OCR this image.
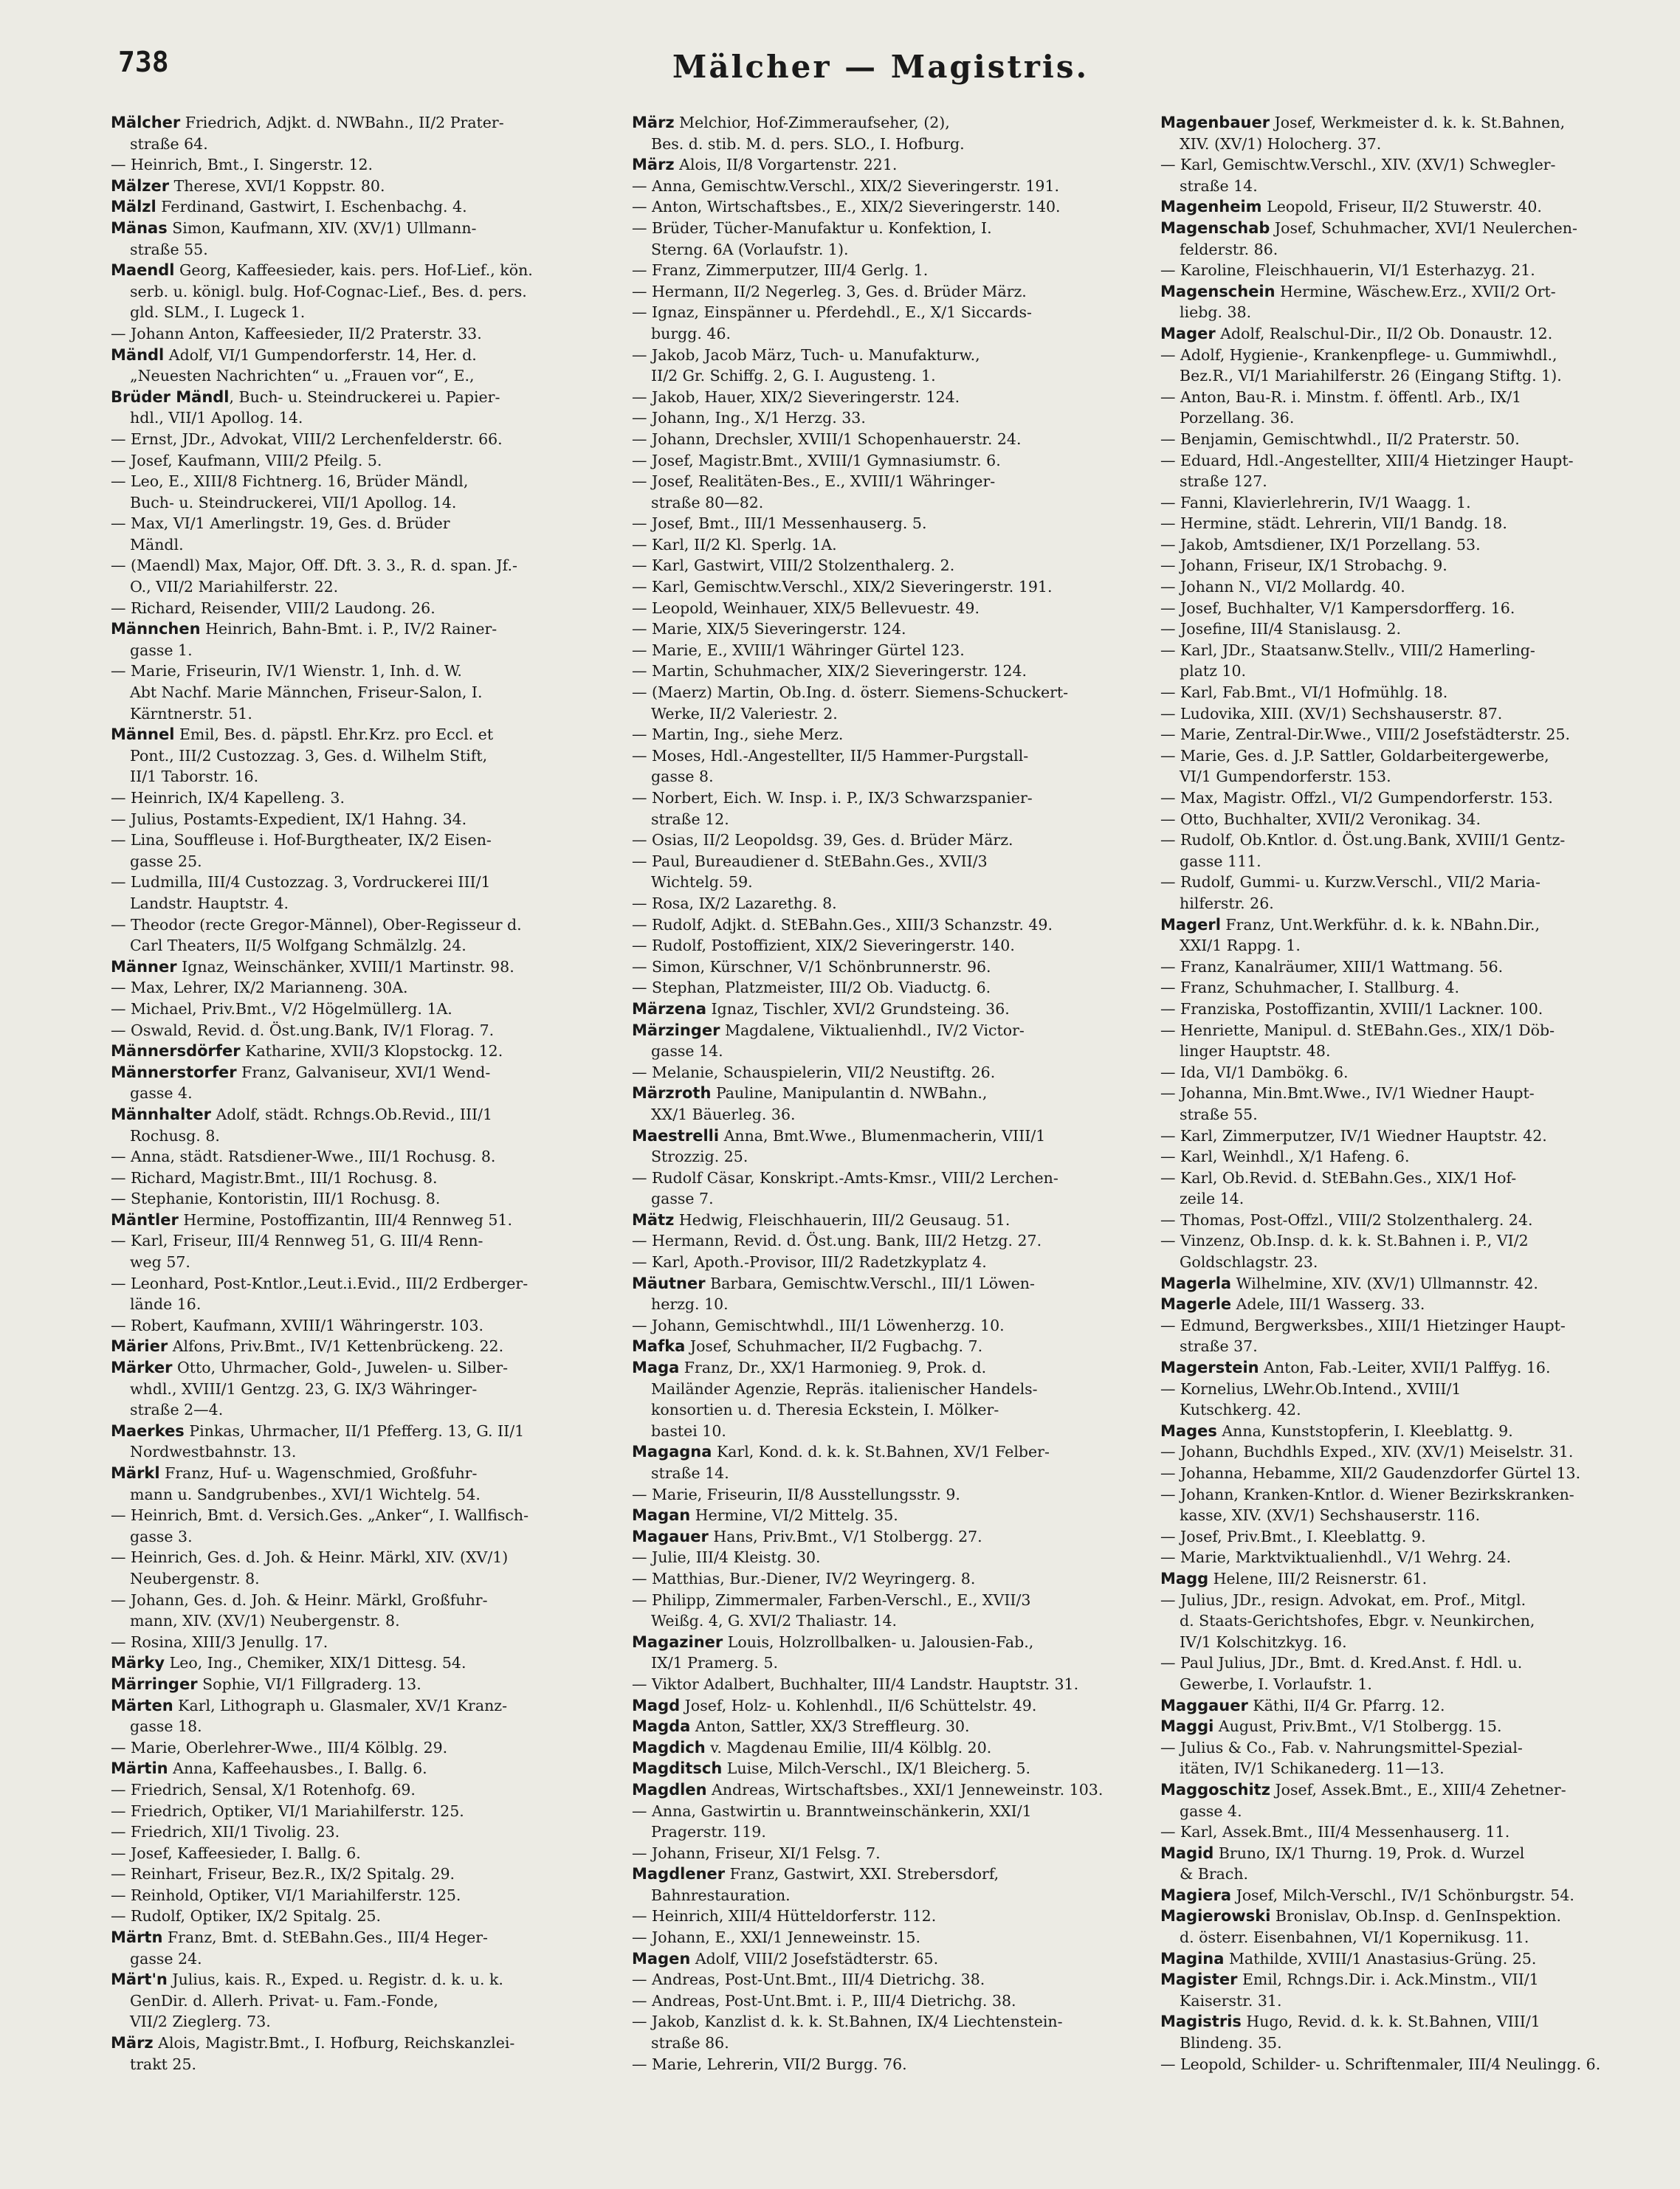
738	Mälcher — Magistris.
Mälcher Friedrich, Adjkt. d. NWBahn., II/2 Prater-
straße 64.
— Heinrich, Bmt., I. Singerstr. 12.
Mälzer Therese, XVI/1 Koppstr. 80.
Mälzl Ferdinand, Gastwirt, I. Eschenbachg. 4.
Mänas Simon, Kaufmann, XIV. (XV/1) Ullmann-
straße 55.
Maendl Georg, Kaffeesieder, kais. pers. Hof-Lief., kön.
serb. u. königl. bulg. Hof-Cognac-Lief., Bes. d. pers.
gld. SLM., I. Lugeck 1.
— Johann Anton, Kaffeesieder, II/2 Praterstr. 33.
Mändl Adolf, VI/1 Gumpendorferstr. 14, Her. d.
„Neuesten Nachrichten“ u. „Frauen vor“, E.,
Brüder Mändl, Buch- u. Steindruckerei u. Papier-
hdl., VII/1 Apollog. 14.
— Ernst, JDr., Advokat, VIII/2 Lerchenfelderstr. 66.
— Josef, Kaufmann, VIII/2 Pfeilg. 5.
— Leo, E., XIII/8 Fichtnerg. 16, Brüder Mändl,
Buch- u. Steindruckerei, VII/1 Apollog. 14.
— Max, VI/1 Amerlingstr. 19, Ges. d. Brüder
Mändl.
— (Maendl) Max, Major, Off. Dft. 3. 3., R. d. span. Jf.-
O., VII/2 Mariahilferstr. 22.
— Richard, Reisender, VIII/2 Laudong. 26.
Männchen Heinrich, Bahn-Bmt. i. P., IV/2 Rainer-
gasse 1.
— Marie, Friseurin, IV/1 Wienstr. 1, Inh. d. W.
Abt Nachf. Marie Männchen, Friseur-Salon, I.
Kärntnerstr. 51.
Männel Emil, Bes. d. päpstl. Ehr.Krz. pro Eccl. et
Pont., III/2 Custozzag. 3, Ges. d. Wilhelm Stift,
II/1 Taborstr. 16.
— Heinrich, IX/4 Kapelleng. 3.
— Julius, Postamts-Expedient, IX/1 Hahng. 34.
— Lina, Souffleuse i. Hof-Burgtheater, IX/2 Eisen-
gasse 25.
— Ludmilla, III/4 Custozzag. 3, Vordruckerei III/1
Landstr. Hauptstr. 4.
— Theodor (recte Gregor-Männel), Ober-Regisseur d.
Carl Theaters, II/5 Wolfgang Schmälzlg. 24.
Männer Ignaz, Weinschänker, XVIII/1 Martinstr. 98.
— Max, Lehrer, IX/2 Marianneng. 30A.
— Michael, Priv.Bmt., V/2 Högelmüllerg. 1A.
— Oswald, Revid. d. Öst.ung.Bank, IV/1 Florag. 7.
Männersdörfer Katharine, XVII/3 Klopstockg. 12.
Männerstorfer Franz, Galvaniseur, XVI/1 Wend-
gasse 4.
Männhalter Adolf, städt. Rchngs.Ob.Revid., III/1
Rochusg. 8.
— Anna, städt. Ratsdiener-Wwe., III/1 Rochusg. 8.
— Richard, Magistr.Bmt., III/1 Rochusg. 8.
— Stephanie, Kontoristin, III/1 Rochusg. 8.
Mäntler Hermine, Postoffizantin, III/4 Rennweg 51.
— Karl, Friseur, III/4 Rennweg 51, G. III/4 Renn-
weg 57.
— Leonhard, Post-Kntlor.,Leut.i.Evid., III/2 Erdberger-
lände 16.
— Robert, Kaufmann, XVIII/1 Währingerstr. 103.
Märier Alfons, Priv.Bmt., IV/1 Kettenbrückeng. 22.
Märker Otto, Uhrmacher, Gold-, Juwelen- u. Silber-
whdl., XVIII/1 Gentzg. 23, G. IX/3 Währinger-
straße 2—4.
Maerkes Pinkas, Uhrmacher, II/1 Pfefferg. 13, G. II/1
Nordwestbahnstr. 13.
Märkl Franz, Huf- u. Wagenschmied, Großfuhr-
mann u. Sandgrubenbes., XVI/1 Wichtelg. 54.
— Heinrich, Bmt. d. Versich.Ges. „Anker“, I. Wallfisch-
gasse 3.
— Heinrich, Ges. d. Joh. & Heinr. Märkl, XIV. (XV/1)
Neubergenstr. 8.
— Johann, Ges. d. Joh. & Heinr. Märkl, Großfuhr-
mann, XIV. (XV/1) Neubergenstr. 8.
— Rosina, XIII/3 Jenullg. 17.
Märky Leo, Ing., Chemiker, XIX/1 Dittesg. 54.
Märringer Sophie, VI/1 Fillgraderg. 13.
Märten Karl, Lithograph u. Glasmaler, XV/1 Kranz-
gasse 18.
— Marie, Oberlehrer-Wwe., III/4 Kölblg. 29.
Märtin Anna, Kaffeehausbes., I. Ballg. 6.
— Friedrich, Sensal, X/1 Rotenhofg. 69.
— Friedrich, Optiker, VI/1 Mariahilferstr. 125.
— Friedrich, XII/1 Tivolig. 23.
— Josef, Kaffeesieder, I. Ballg. 6.
— Reinhart, Friseur, Bez.R., IX/2 Spitalg. 29.
— Reinhold, Optiker, VI/1 Mariahilferstr. 125.
— Rudolf, Optiker, IX/2 Spitalg. 25.
Märtn Franz, Bmt. d. StEBahn.Ges., III/4 Heger-
gasse 24.
Märt'n Julius, kais. R., Exped. u. Registr. d. k. u. k.
GenDir. d. Allerh. Privat- u. Fam.-Fonde,
VII/2 Zieglerg. 73.
März Alois, Magistr.Bmt., I. Hofburg, Reichskanzlei-
trakt 25.
März Melchior, Hof-Zimmeraufseher, (2),
Bes. d. stib. M. d. pers. SLO., I. Hofburg.
März Alois, II/8 Vorgartenstr. 221.
— Anna, Gemischtw.Verschl., XIX/2 Sieveringerstr. 191.
— Anton, Wirtschaftsbes., E., XIX/2 Sieveringerstr. 140.
— Brüder, Tücher-Manufaktur u. Konfektion, I.
Sterng. 6A (Vorlaufstr. 1).
— Franz, Zimmerputzer, III/4 Gerlg. 1.
— Hermann, II/2 Negerleg. 3, Ges. d. Brüder März.
— Ignaz, Einspänner u. Pferdehdl., E., X/1 Siccards-
burgg. 46.
— Jakob, Jacob März, Tuch- u. Manufakturw.,
II/2 Gr. Schiffg. 2, G. I. Augusteng. 1.
— Jakob, Hauer, XIX/2 Sieveringerstr. 124.
— Johann, Ing., X/1 Herzg. 33.
— Johann, Drechsler, XVIII/1 Schopenhauerstr. 24.
— Josef, Magistr.Bmt., XVIII/1 Gymnasiumstr. 6.
— Josef, Realitäten-Bes., E., XVIII/1 Währinger-
straße 80—82.
— Josef, Bmt., III/1 Messenhauserg. 5.
— Karl, II/2 Kl. Sperlg. 1A.
— Karl, Gastwirt, VIII/2 Stolzenthalerg. 2.
— Karl, Gemischtw.Verschl., XIX/2 Sieveringerstr. 191.
— Leopold, Weinhauer, XIX/5 Bellevuestr. 49.
— Marie, XIX/5 Sieveringerstr. 124.
— Marie, E., XVIII/1 Währinger Gürtel 123.
— Martin, Schuhmacher, XIX/2 Sieveringerstr. 124.
— (Maerz) Martin, Ob.Ing. d. österr. Siemens-Schuckert-
Werke, II/2 Valeriestr. 2.
— Martin, Ing., siehe Merz.
— Moses, Hdl.-Angestellter, II/5 Hammer-Purgstall-
gasse 8.
— Norbert, Eich. W. Insp. i. P., IX/3 Schwarzspanier-
straße 12.
— Osias, II/2 Leopoldsg. 39, Ges. d. Brüder März.
— Paul, Bureaudiener d. StEBahn.Ges., XVII/3
Wichtelg. 59.
— Rosa, IX/2 Lazarethg. 8.
— Rudolf, Adjkt. d. StEBahn.Ges., XIII/3 Schanzstr. 49.
— Rudolf, Postoffizient, XIX/2 Sieveringerstr. 140.
— Simon, Kürschner, V/1 Schönbrunnerstr. 96.
— Stephan, Platzmeister, III/2 Ob. Viaductg. 6.
Märzena Ignaz, Tischler, XVI/2 Grundsteing. 36.
Märzinger Magdalene, Viktualienhdl., IV/2 Victor-
gasse 14.
— Melanie, Schauspielerin, VII/2 Neustiftg. 26.
Märzroth Pauline, Manipulantin d. NWBahn.,
XX/1 Bäuerleg. 36.
Maestrelli Anna, Bmt.Wwe., Blumenmacherin, VIII/1
Strozzig. 25.
— Rudolf Cäsar, Konskript.-Amts-Kmsr., VIII/2 Lerchen-
gasse 7.
Mätz Hedwig, Fleischhauerin, III/2 Geusaug. 51.
— Hermann, Revid. d. Öst.ung. Bank, III/2 Hetzg. 27.
— Karl, Apoth.-Provisor, III/2 Radetzkyplatz 4.
Mäutner Barbara, Gemischtw.Verschl., III/1 Löwen-
herzg. 10.
— Johann, Gemischtwhdl., III/1 Löwenherzg. 10.
Mafka Josef, Schuhmacher, II/2 Fugbachg. 7.
Maga Franz, Dr., XX/1 Harmonieg. 9, Prok. d.
Mailänder Agenzie, Repräs. italienischer Handels-
konsortien u. d. Theresia Eckstein, I. Mölker-
bastei 10.
Magagna Karl, Kond. d. k. k. St.Bahnen, XV/1 Felber-
straße 14.
— Marie, Friseurin, II/8 Ausstellungsstr. 9.
Magan Hermine, VI/2 Mittelg. 35.
Magauer Hans, Priv.Bmt., V/1 Stolbergg. 27.
— Julie, III/4 Kleistg. 30.
— Matthias, Bur.-Diener, IV/2 Weyringerg. 8.
— Philipp, Zimmermaler, Farben-Verschl., E., XVII/3
Weißg. 4, G. XVI/2 Thaliastr. 14.
Magaziner Louis, Holzrollbalken- u. Jalousien-Fab.,
IX/1 Pramerg. 5.
— Viktor Adalbert, Buchhalter, III/4 Landstr. Hauptstr. 31.
Magd Josef, Holz- u. Kohlenhdl., II/6 Schüttelstr. 49.
Magda Anton, Sattler, XX/3 Streffleurg. 30.
Magdich v. Magdenau Emilie, III/4 Kölblg. 20.
Magditsch Luise, Milch-Verschl., IX/1 Bleicherg. 5.
Magdlen Andreas, Wirtschaftsbes., XXI/1 Jenneweinstr. 103.
— Anna, Gastwirtin u. Branntweinschänkerin, XXI/1
Pragerstr. 119.
— Johann, Friseur, XI/1 Felsg. 7.
Magdlener Franz, Gastwirt, XXI. Strebersdorf,
Bahnrestauration.
— Heinrich, XIII/4 Hütteldorferstr. 112.
— Johann, E., XXI/1 Jenneweinstr. 15.
Magen Adolf, VIII/2 Josefstädterstr. 65.
— Andreas, Post-Unt.Bmt., III/4 Dietrichg. 38.
— Andreas, Post-Unt.Bmt. i. P., III/4 Dietrichg. 38.
— Jakob, Kanzlist d. k. k. St.Bahnen, IX/4 Liechtenstein-
straße 86.
— Marie, Lehrerin, VII/2 Burgg. 76.
Magenbauer Josef, Werkmeister d. k. k. St.Bahnen,
XIV. (XV/1) Holocherg. 37.
— Karl, Gemischtw.Verschl., XIV. (XV/1) Schwegler-
straße 14.
Magenheim Leopold, Friseur, II/2 Stuwerstr. 40.
Magenschab Josef, Schuhmacher, XVI/1 Neulerchen-
felderstr. 86.
— Karoline, Fleischhauerin, VI/1 Esterhazyg. 21.
Magenschein Hermine, Wäschew.Erz., XVII/2 Ort-
liebg. 38.
Mager Adolf, Realschul-Dir., II/2 Ob. Donaustr. 12.
— Adolf, Hygienie-, Krankenpflege- u. Gummiwhdl.,
Bez.R., VI/1 Mariahilferstr. 26 (Eingang Stiftg. 1).
— Anton, Bau-R. i. Minstm. f. öffentl. Arb., IX/1
Porzellang. 36.
— Benjamin, Gemischtwhdl., II/2 Praterstr. 50.
— Eduard, Hdl.-Angestellter, XIII/4 Hietzinger Haupt-
straße 127.
— Fanni, Klavierlehrerin, IV/1 Waagg. 1.
— Hermine, städt. Lehrerin, VII/1 Bandg. 18.
— Jakob, Amtsdiener, IX/1 Porzellang. 53.
— Johann, Friseur, IX/1 Strobachg. 9.
— Johann N., VI/2 Mollardg. 40.
— Josef, Buchhalter, V/1 Kampersdorfferg. 16.
— Josefine, III/4 Stanislausg. 2.
— Karl, JDr., Staatsanw.Stellv., VIII/2 Hamerling-
platz 10.
— Karl, Fab.Bmt., VI/1 Hofmühlg. 18.
— Ludovika, XIII. (XV/1) Sechshauserstr. 87.
— Marie, Zentral-Dir.Wwe., VIII/2 Josefstädterstr. 25.
— Marie, Ges. d. J.P. Sattler, Goldarbeitergewerbe,
VI/1 Gumpendorferstr. 153.
— Max, Magistr. Offzl., VI/2 Gumpendorferstr. 153.
— Otto, Buchhalter, XVII/2 Veronikag. 34.
— Rudolf, Ob.Kntlor. d. Öst.ung.Bank, XVIII/1 Gentz-
gasse 111.
— Rudolf, Gummi- u. Kurzw.Verschl., VII/2 Maria-
hilferstr. 26.
Magerl Franz, Unt.Werkführ. d. k. k. NBahn.Dir.,
XXI/1 Rappg. 1.
— Franz, Kanalräumer, XIII/1 Wattmang. 56.
— Franz, Schuhmacher, I. Stallburg. 4.
— Franziska, Postoffizantin, XVIII/1 Lackner. 100.
— Henriette, Manipul. d. StEBahn.Ges., XIX/1 Döb-
linger Hauptstr. 48.
— Ida, VI/1 Dambökg. 6.
— Johanna, Min.Bmt.Wwe., IV/1 Wiedner Haupt-
straße 55.
— Karl, Zimmerputzer, IV/1 Wiedner Hauptstr. 42.
— Karl, Weinhdl., X/1 Hafeng. 6.
— Karl, Ob.Revid. d. StEBahn.Ges., XIX/1 Hof-
zeile 14.
— Thomas, Post-Offzl., VIII/2 Stolzenthalerg. 24.
— Vinzenz, Ob.Insp. d. k. k. St.Bahnen i. P., VI/2
Goldschlagstr. 23.
Magerla Wilhelmine, XIV. (XV/1) Ullmannstr. 42.
Magerle Adele, III/1 Wasserg. 33.
— Edmund, Bergwerksbes., XIII/1 Hietzinger Haupt-
straße 37.
Magerstein Anton, Fab.-Leiter, XVII/1 Palffyg. 16.
— Kornelius, LWehr.Ob.Intend., XVIII/1
Kutschkerg. 42.
Mages Anna, Kunststopferin, I. Kleeblattg. 9.
— Johann, Buchdhls Exped., XIV. (XV/1) Meiselstr. 31.
— Johanna, Hebamme, XII/2 Gaudenzdorfer Gürtel 13.
— Johann, Kranken-Kntlor. d. Wiener Bezirkskranken-
kasse, XIV. (XV/1) Sechshauserstr. 116.
— Josef, Priv.Bmt., I. Kleeblattg. 9.
— Marie, Marktviktualienhdl., V/1 Wehrg. 24.
Magg Helene, III/2 Reisnerstr. 61.
— Julius, JDr., resign. Advokat, em. Prof., Mitgl.
d. Staats-Gerichtshofes, Ebgr. v. Neunkirchen,
IV/1 Kolschitzkyg. 16.
— Paul Julius, JDr., Bmt. d. Kred.Anst. f. Hdl. u.
Gewerbe, I. Vorlaufstr. 1.
Maggauer Käthi, II/4 Gr. Pfarrg. 12.
Maggi August, Priv.Bmt., V/1 Stolbergg. 15.
— Julius & Co., Fab. v. Nahrungsmittel-Spezial-
itäten, IV/1 Schikanederg. 11—13.
Maggoschitz Josef, Assek.Bmt., E., XIII/4 Zehetner-
gasse 4.
— Karl, Assek.Bmt., III/4 Messenhauserg. 11.
Magid Bruno, IX/1 Thurng. 19, Prok. d. Wurzel
& Brach.
Magiera Josef, Milch-Verschl., IV/1 Schönburgstr. 54.
Magierowski Bronislav, Ob.Insp. d. GenInspektion.
d. österr. Eisenbahnen, VI/1 Kopernikusg. 11.
Magina Mathilde, XVIII/1 Anastasius-Grüng. 25.
Magister Emil, Rchngs.Dir. i. Ack.Minstm., VII/1
Kaiserstr. 31.
Magistris Hugo, Revid. d. k. k. St.Bahnen, VIII/1
Blindeng. 35.
— Leopold, Schilder- u. Schriftenmaler, III/4 Neulingg. 6.
